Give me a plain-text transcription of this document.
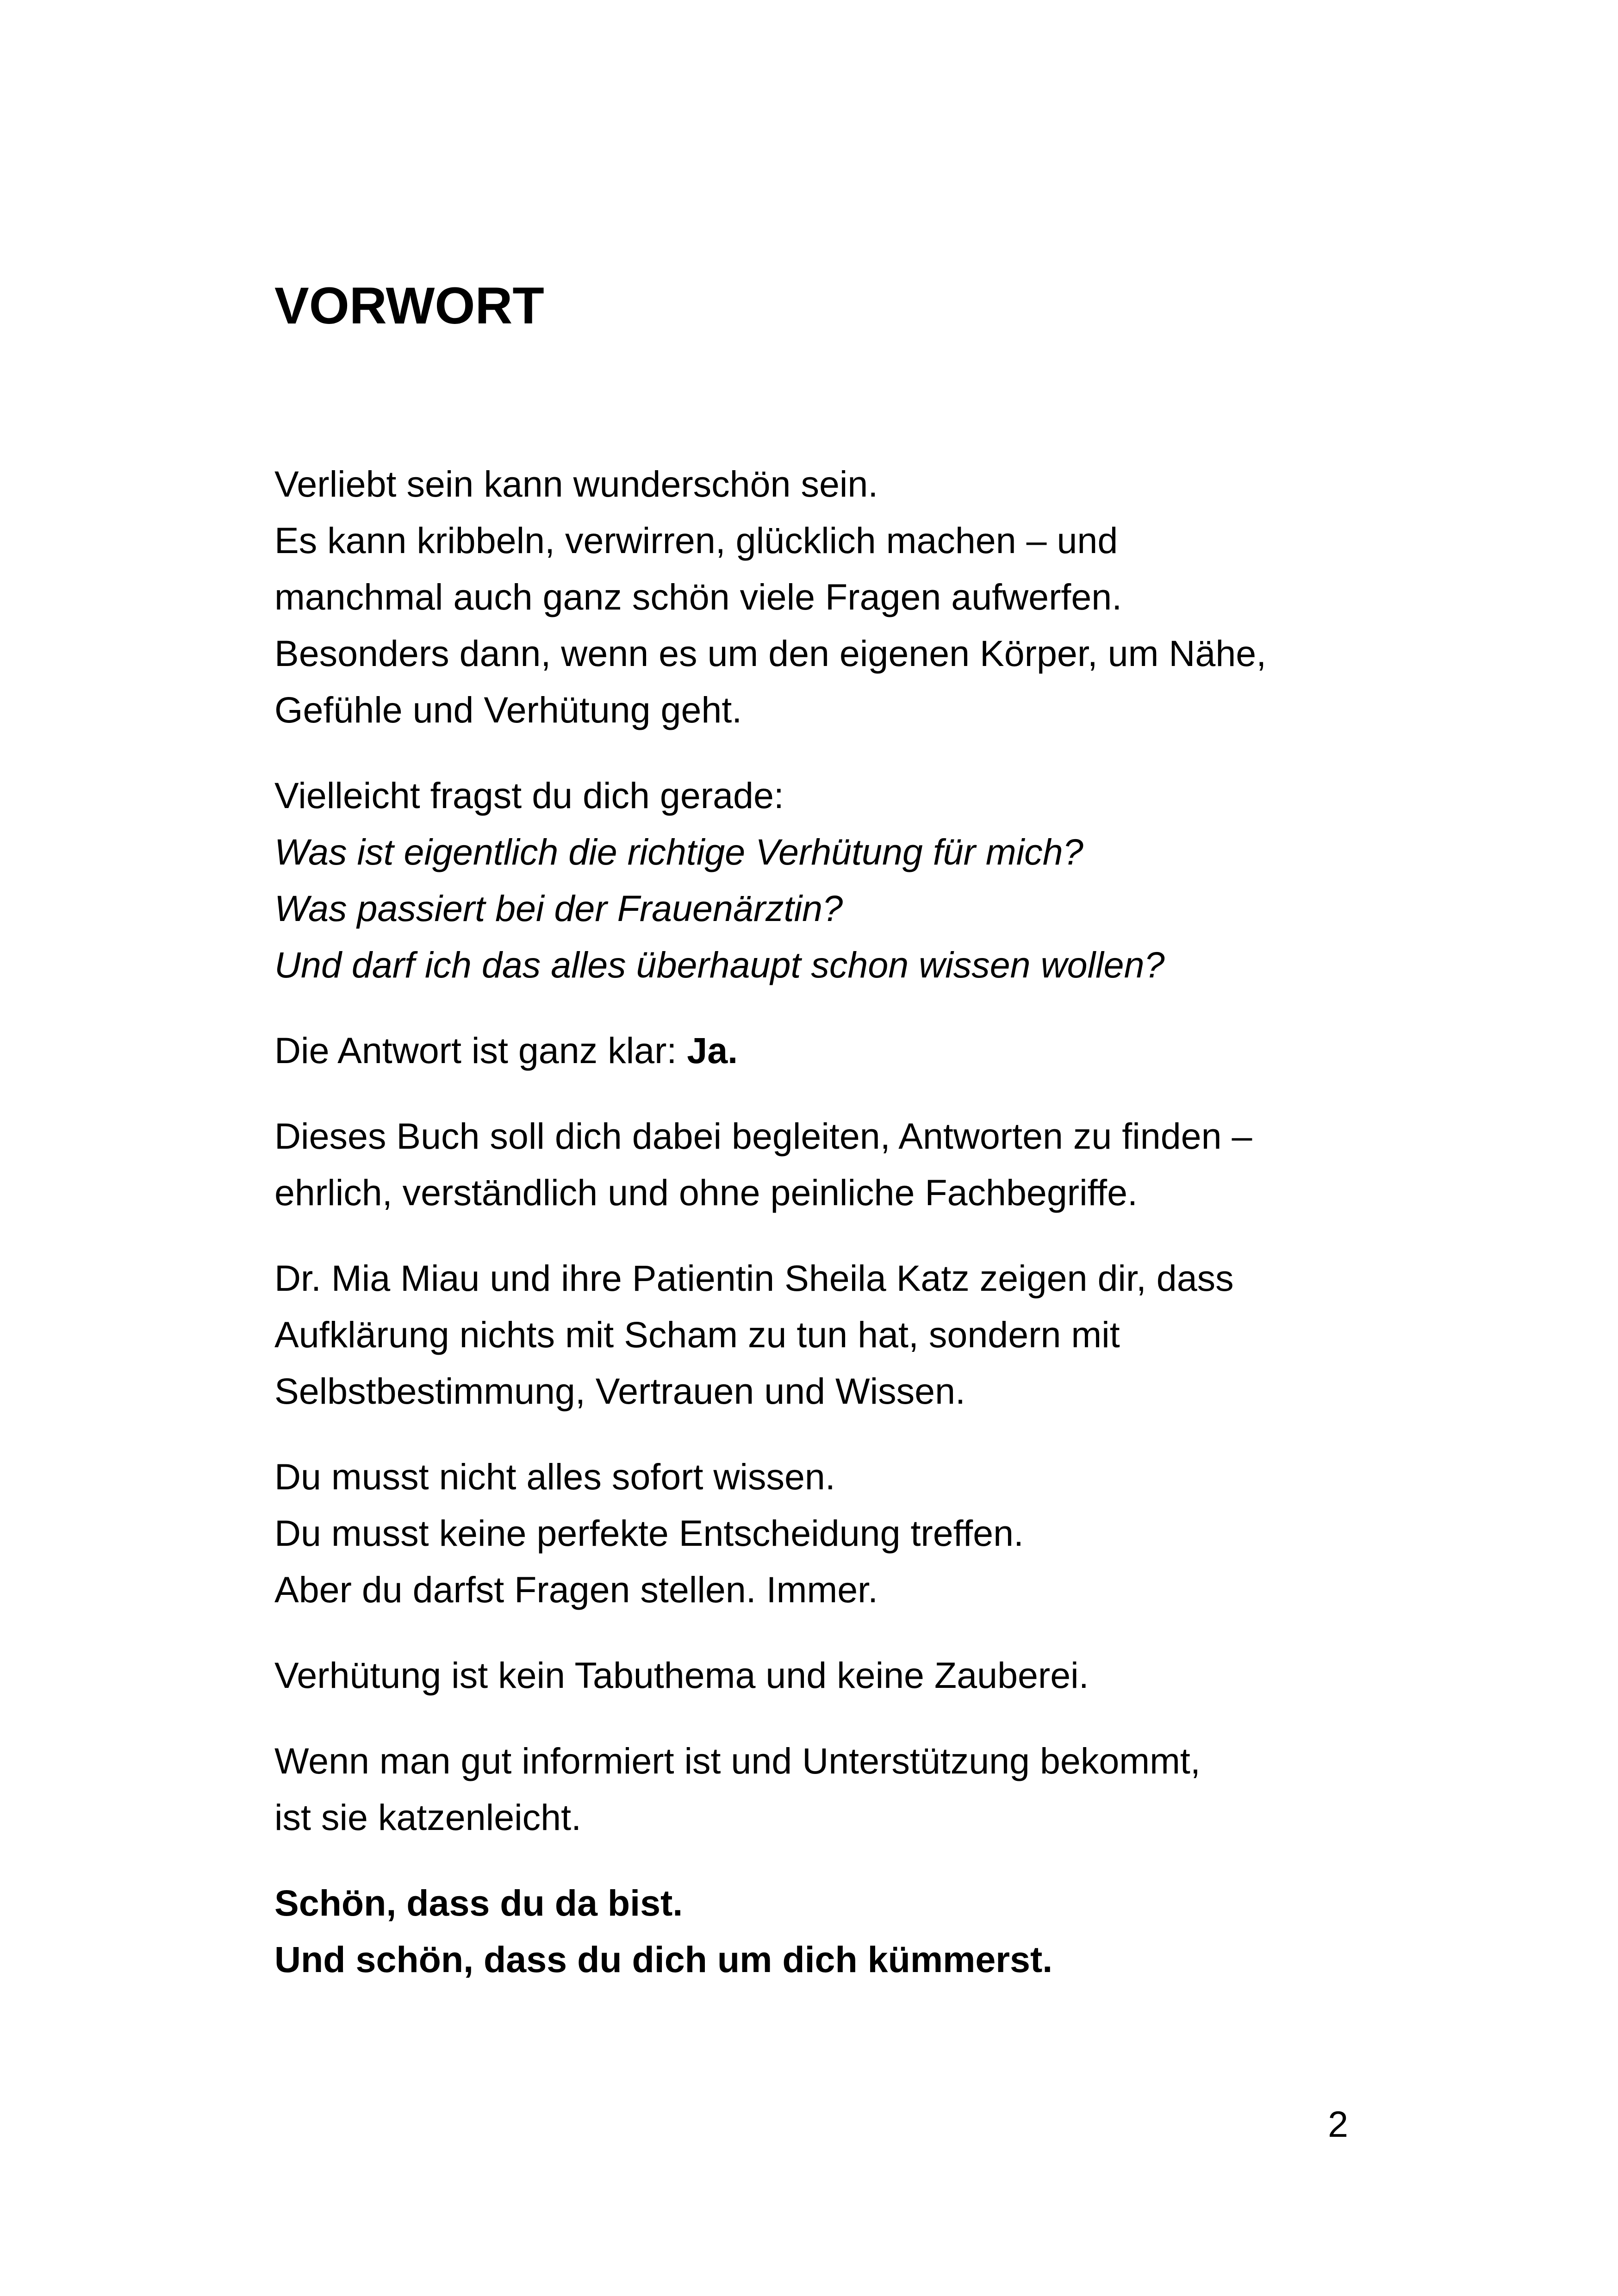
VORWORT

Verliebt sein kann wunderschön sein.
Es kann kribbeln, verwirren, glücklich machen – und
manchmal auch ganz schön viele Fragen aufwerfen.
Besonders dann, wenn es um den eigenen Körper, um Nähe,
Gefühle und Verhütung geht.

Vielleicht fragst du dich gerade:
Was ist eigentlich die richtige Verhütung für mich?
Was passiert bei der Frauenärztin?
Und darf ich das alles überhaupt schon wissen wollen?

Die Antwort ist ganz klar: Ja.

Dieses Buch soll dich dabei begleiten, Antworten zu finden –
ehrlich, verständlich und ohne peinliche Fachbegriffe.

Dr. Mia Miau und ihre Patientin Sheila Katz zeigen dir, dass
Aufklärung nichts mit Scham zu tun hat, sondern mit
Selbstbestimmung, Vertrauen und Wissen.

Du musst nicht alles sofort wissen.
Du musst keine perfekte Entscheidung treffen.
Aber du darfst Fragen stellen. Immer.

Verhütung ist kein Tabuthema und keine Zauberei.

Wenn man gut informiert ist und Unterstützung bekommt,
ist sie katzenleicht.

Schön, dass du da bist.
Und schön, dass du dich um dich kümmerst.

2
